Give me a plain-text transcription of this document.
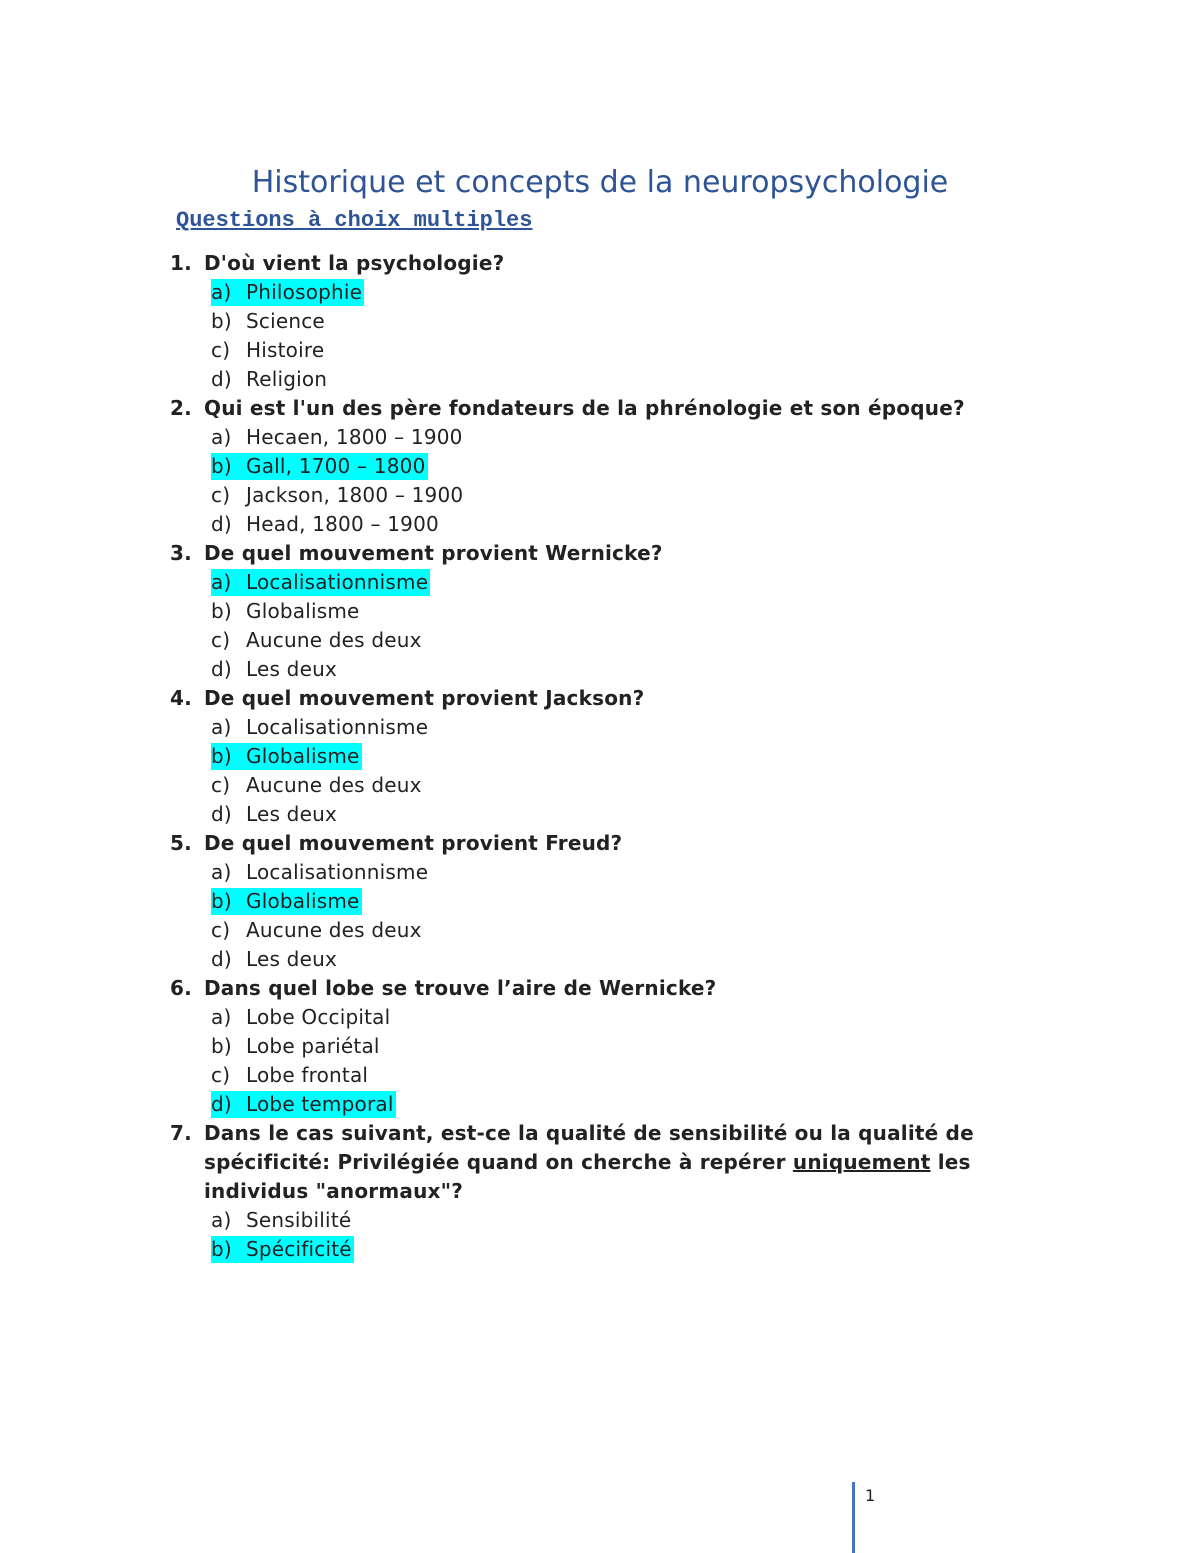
Historique et concepts de la neuropsychologie
Questions à choix multiples
1. D'où vient la psychologie?
a) Philosophie
b) Science
c) Histoire
d) Religion
2. Qui est l'un des père fondateurs de la phrénologie et son époque?
a) Hecaen, 1800 – 1900
b) Gall, 1700 – 1800
c) Jackson, 1800 – 1900
d) Head, 1800 – 1900
3. De quel mouvement provient Wernicke?
a) Localisationnisme
b) Globalisme
c) Aucune des deux
d) Les deux
4. De quel mouvement provient Jackson?
a) Localisationnisme
b) Globalisme
c) Aucune des deux
d) Les deux
5. De quel mouvement provient Freud?
a) Localisationnisme
b) Globalisme
c) Aucune des deux
d) Les deux
6. Dans quel lobe se trouve l’aire de Wernicke?
a) Lobe Occipital
b) Lobe pariétal
c) Lobe frontal
d) Lobe temporal
7. Dans le cas suivant, est-ce la qualité de sensibilité ou la qualité de spécificité: Privilégiée quand on cherche à repérer uniquement les individus "anormaux"?
a) Sensibilité
b) Spécificité
1
